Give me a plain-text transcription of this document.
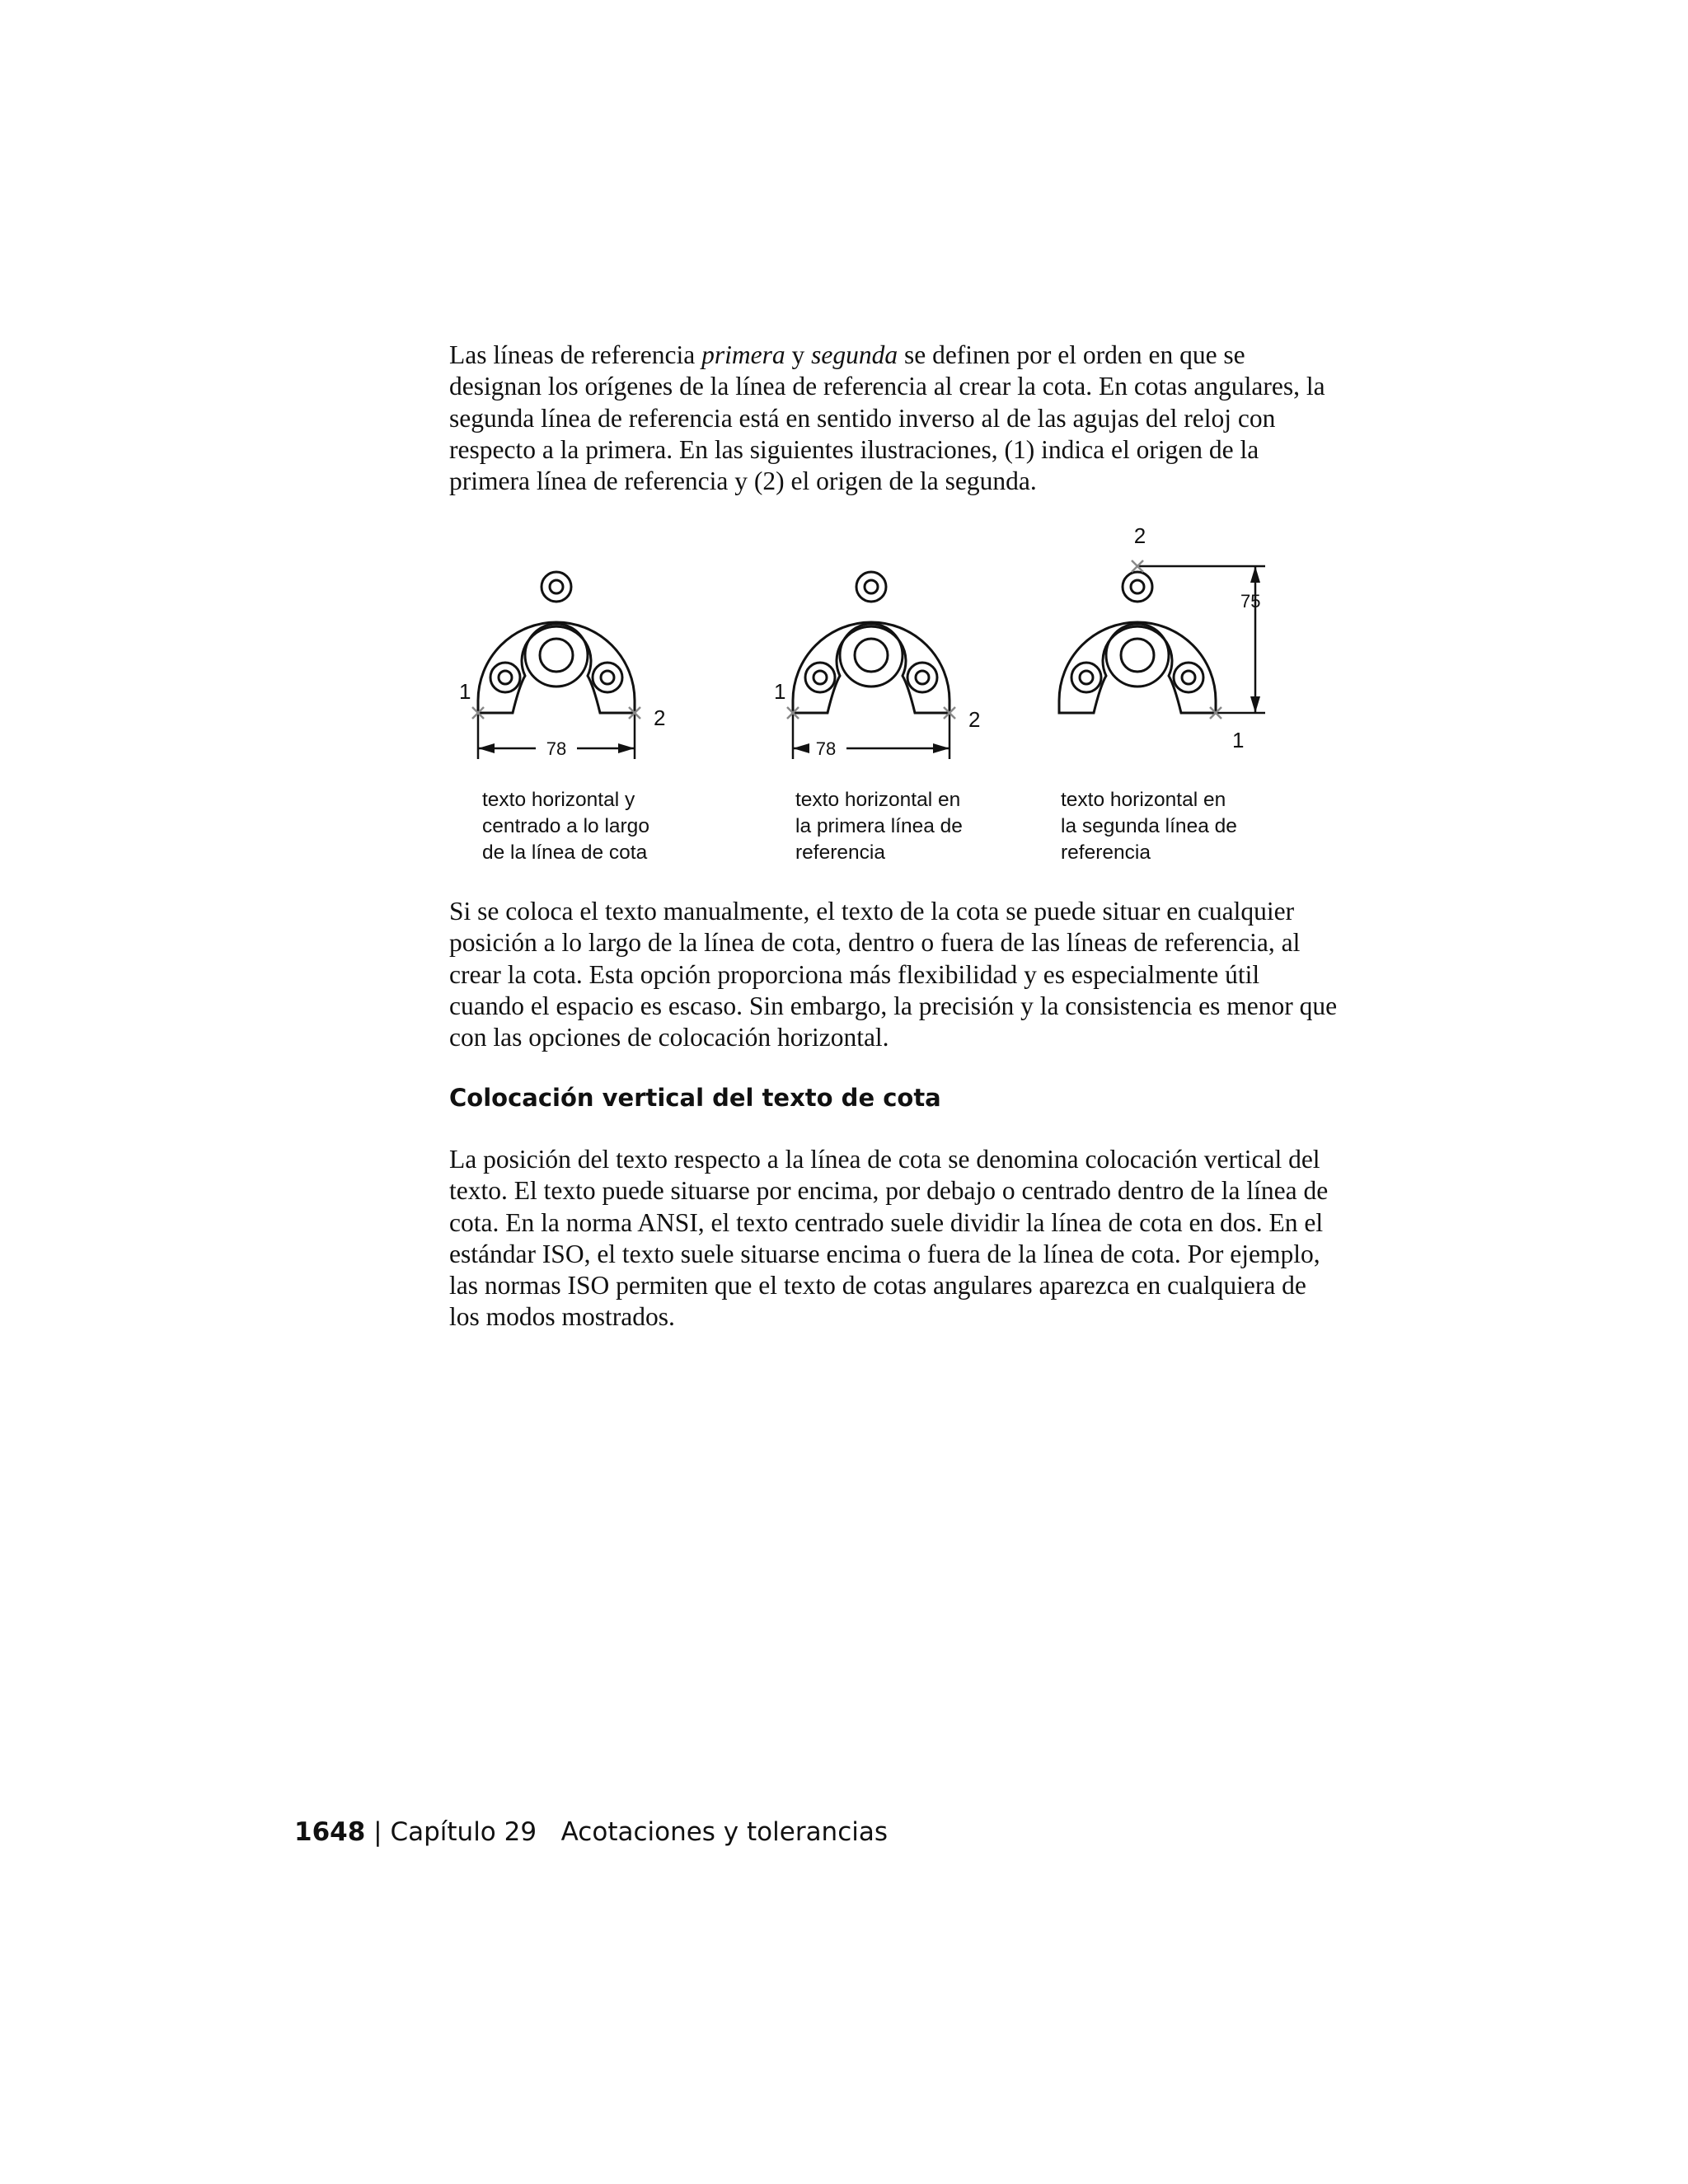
Las líneas de referencia primera y segunda se definen por el orden en que se designan los orígenes de la línea de referencia al crear la cota. En cotas angulares, la segunda línea de referencia está en sentido inverso al de las agujas del reloj con respecto a la primera. En las siguientes ilustraciones, (1) indica el origen de la primera línea de referencia y (2) el origen de la segunda.

78
1
2
78
1
2
75
2
1
texto horizontal y
centrado a lo largo
de la línea de cota
texto horizontal en
la primera línea de
referencia
texto horizontal en
la segunda línea de
referencia

Si se coloca el texto manualmente, el texto de la cota se puede situar en cualquier posición a lo largo de la línea de cota, dentro o fuera de las líneas de referencia, al crear la cota. Esta opción proporciona más flexibilidad y es especialmente útil cuando el espacio es escaso. Sin embargo, la precisión y la consistencia es menor que con las opciones de colocación horizontal.

Colocación vertical del texto de cota

La posición del texto respecto a la línea de cota se denomina colocación vertical del texto. El texto puede situarse por encima, por debajo o centrado dentro de la línea de cota. En la norma ANSI, el texto centrado suele dividir la línea de cota en dos. En el estándar ISO, el texto suele situarse encima o fuera de la línea de cota. Por ejemplo, las normas ISO permiten que el texto de cotas angulares aparezca en cualquiera de los modos mostrados.

1648 | Capítulo 29 Acotaciones y tolerancias
